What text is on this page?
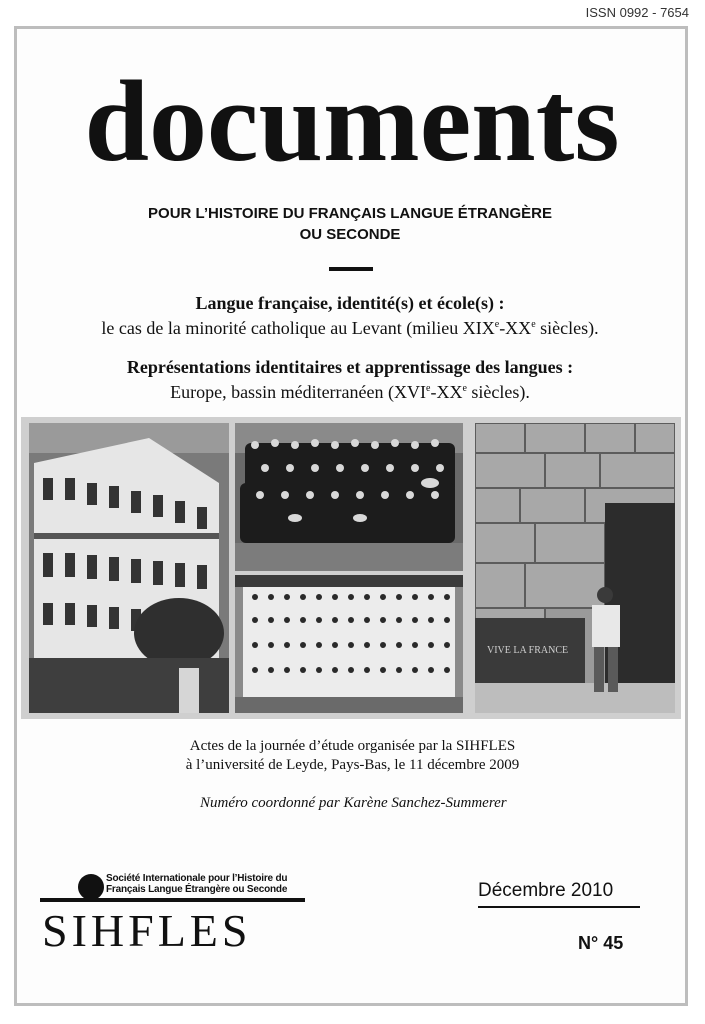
ISSN 0992 - 7654
documents
POUR L’HISTOIRE DU FRANÇAIS LANGUE ÉTRANGÈRE
OU SECONDE
Langue française, identité(s) et école(s) :
le cas de la minorité catholique au Levant (milieu XIXe-XXe siècles).
Représentations identitaires et apprentissage des langues :
Europe, bassin méditerranéen (XVIe-XXe siècles).
VIVE LA FRANCE
Actes de la journée d’étude organisée par la SIHFLES
à l’université de Leyde, Pays-Bas, le 11 décembre 2009
Numéro coordonné par Karène Sanchez-Summerer
Société Internationale pour l’Histoire du
Français Langue Étrangère ou Seconde
SIHFLES
Décembre 2010
N° 45
